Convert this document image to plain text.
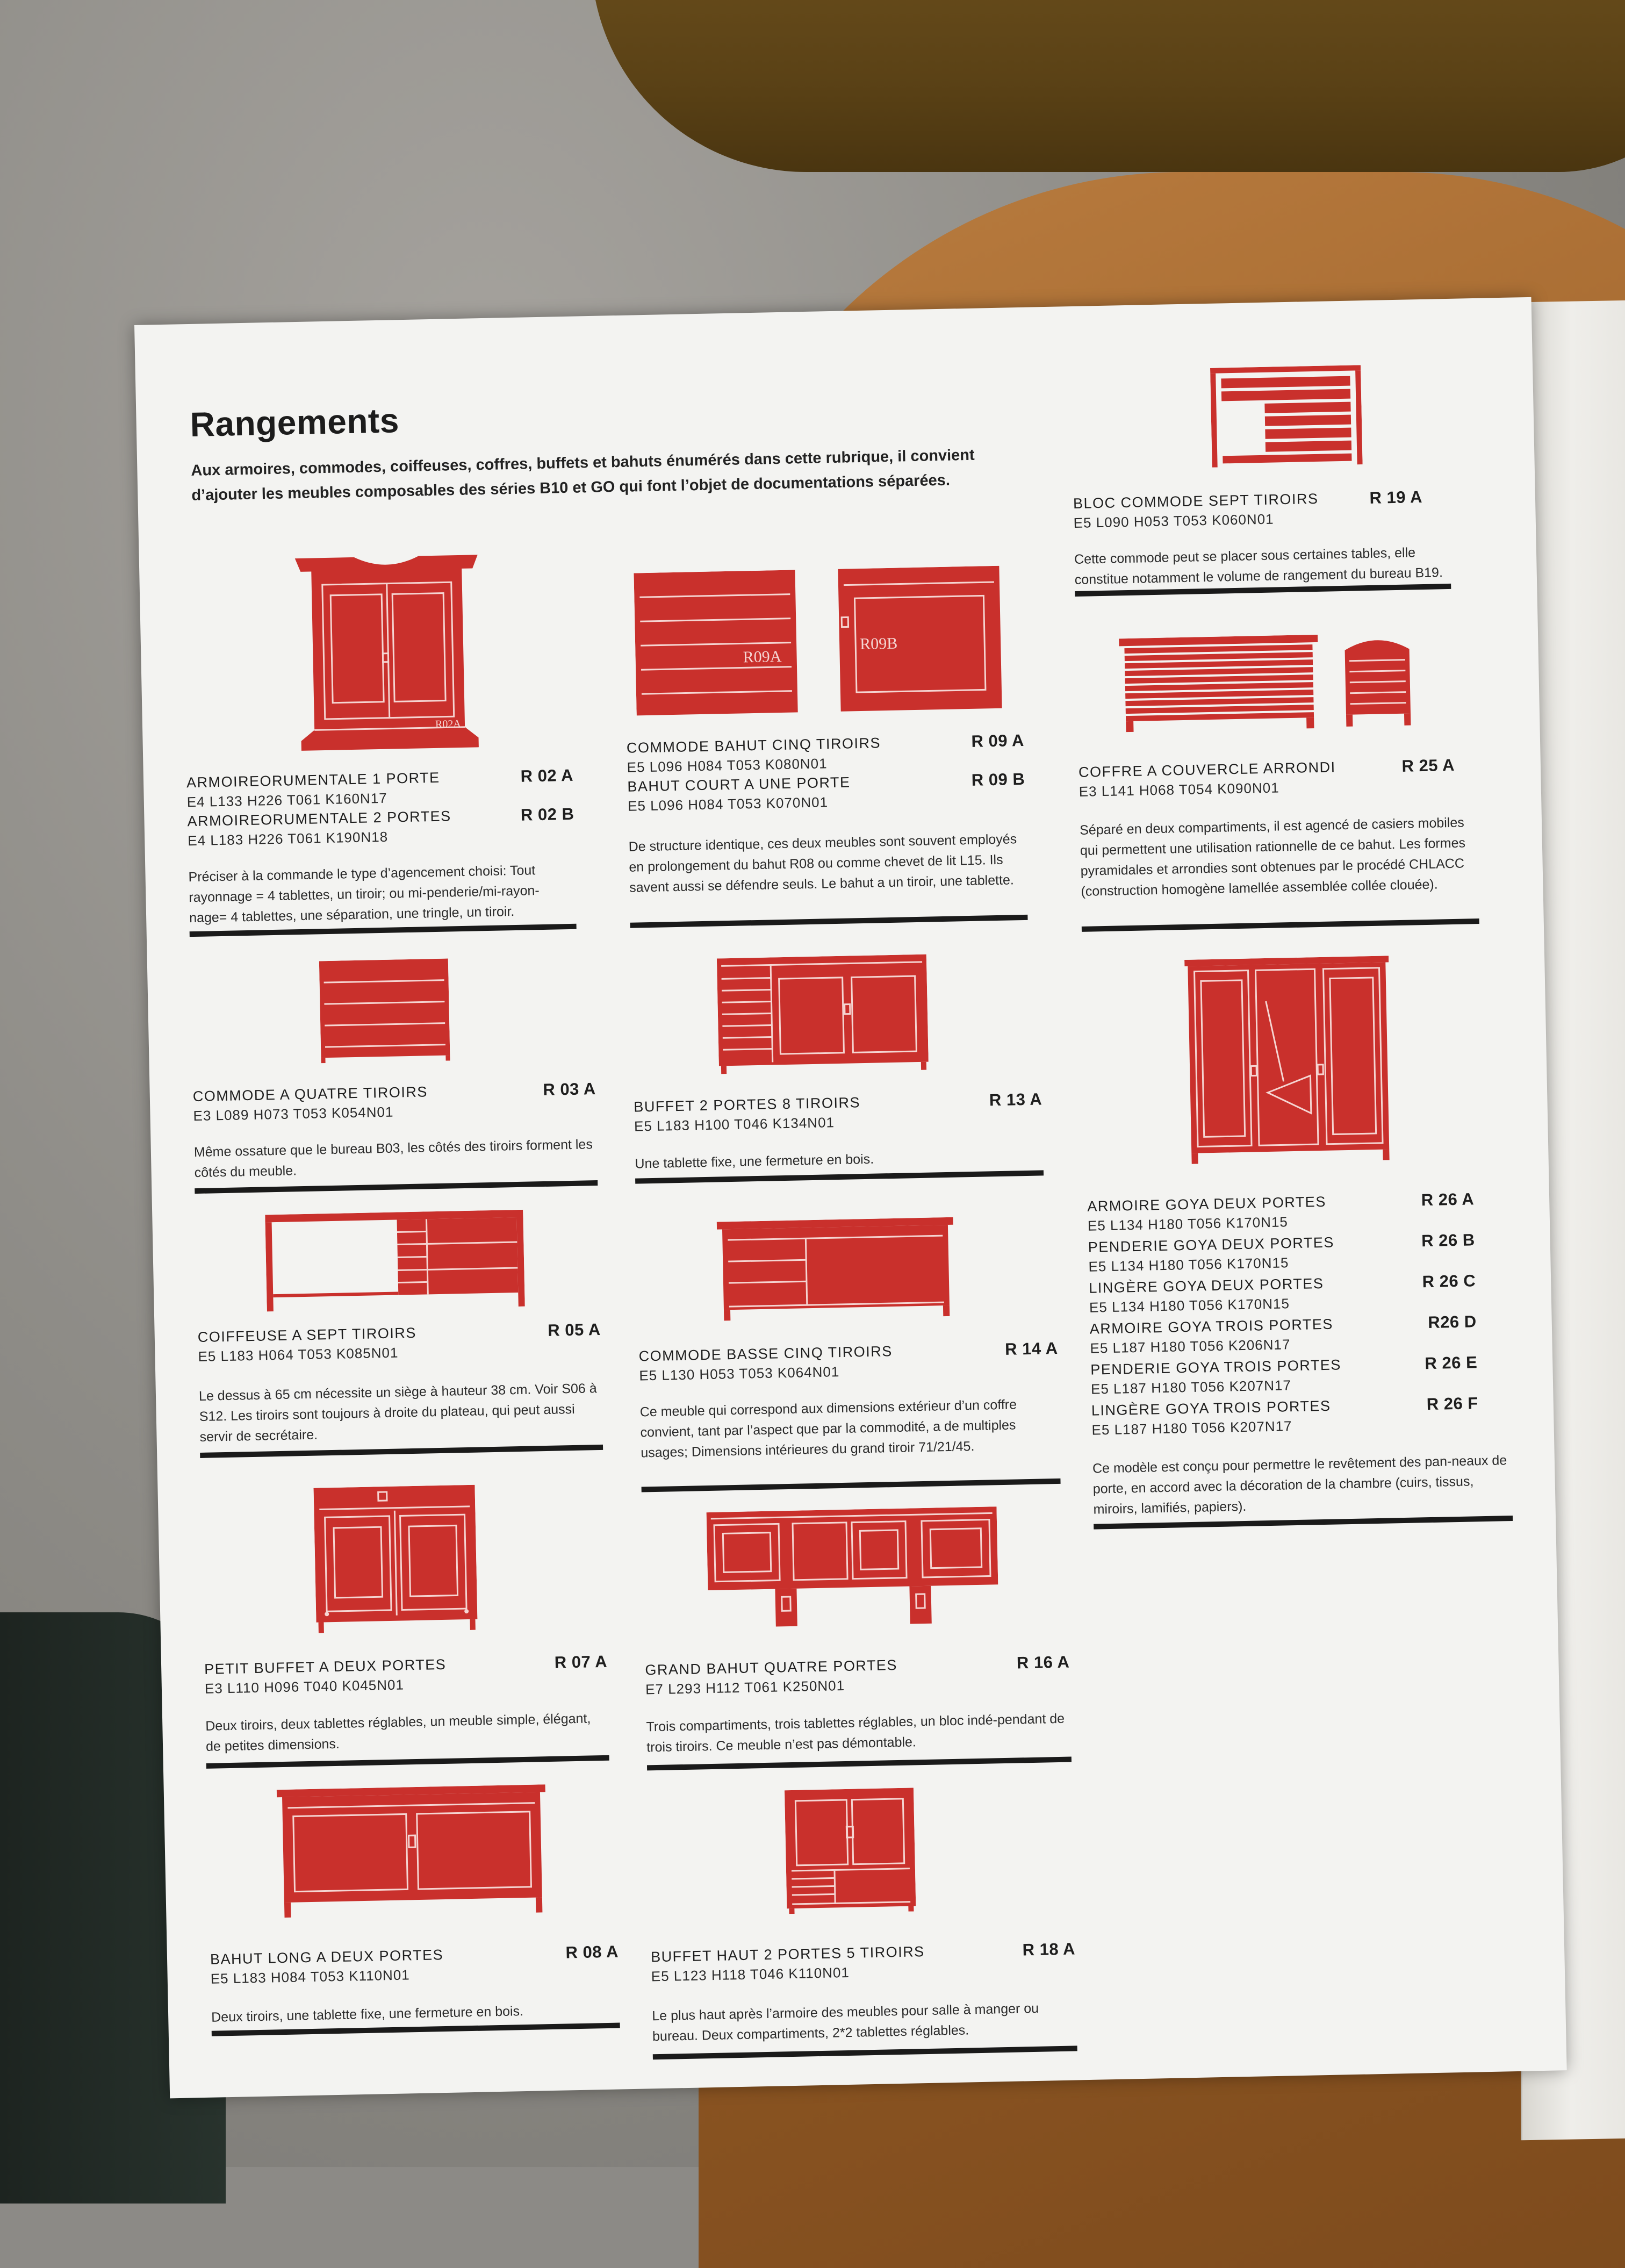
Rangements
Aux armoires, commodes, coiffeuses, coffres, buffets et bahuts énumérés dans cette rubrique, il convient d’ajouter les meubles composables des séries B10 et GO qui font l’objet de documentations séparées.
R02A
ARMOIREORUMENTALE 1 PORTE	R 02 A
E4 L133 H226 T061 K160N17
ARMOIREORUMENTALE 2 PORTES	R 02 B
E4 L183 H226 T061 K190N18
Préciser à la commande le type d’agencement choisi: Tout rayonnage = 4 tablettes, un tiroir; ou mi-penderie/mi-rayon-nage= 4 tablettes, une séparation, une tringle, un tiroir.
COMMODE A QUATRE TIROIRS	R 03 A
E3 L089 H073 T053 K054N01
Même ossature que le bureau B03, les côtés des tiroirs forment les côtés du meuble.
COIFFEUSE A SEPT TIROIRS	R 05 A
E5 L183 H064 T053 K085N01
Le dessus à 65 cm nécessite un siège à hauteur 38 cm. Voir S06 à S12. Les tiroirs sont toujours à droite du plateau, qui peut aussi servir de secrétaire.
PETIT BUFFET A DEUX PORTES	R 07 A
E3 L110 H096 T040 K045N01
Deux tiroirs, deux tablettes réglables, un meuble simple, élégant, de petites dimensions.
BAHUT LONG A DEUX PORTES	R 08 A
E5 L183 H084 T053 K110N01
Deux tiroirs, une tablette fixe, une fermeture en bois.
R09A
R09B
COMMODE BAHUT CINQ TIROIRS	R 09 A
E5 L096 H084 T053 K080N01
BAHUT COURT A UNE PORTE	R 09 B
E5 L096 H084 T053 K070N01
De structure identique, ces deux meubles sont souvent employés en prolongement du bahut R08 ou comme chevet de lit L15. Ils savent aussi se défendre seuls. Le bahut a un tiroir, une tablette.
BUFFET 2 PORTES 8 TIROIRS	R 13 A
E5 L183 H100 T046 K134N01
Une tablette fixe, une fermeture en bois.
COMMODE BASSE CINQ TIROIRS	R 14 A
E5 L130 H053 T053 K064N01
Ce meuble qui correspond aux dimensions extérieur d’un coffre convient, tant par l’aspect que par la commodité, a de multiples usages; Dimensions intérieures du grand tiroir 71/21/45.
GRAND BAHUT QUATRE PORTES	R 16 A
E7 L293 H112 T061 K250N01
Trois compartiments, trois tablettes réglables, un bloc indé-pendant de trois tiroirs. Ce meuble n’est pas démontable.
BUFFET HAUT 2 PORTES 5 TIROIRS	R 18 A
E5 L123 H118 T046 K110N01
Le plus haut après l’armoire des meubles pour salle à manger ou bureau. Deux compartiments, 2*2 tablettes réglables.
BLOC COMMODE SEPT TIROIRS	R 19 A
E5 L090 H053 T053 K060N01
Cette commode peut se placer sous certaines tables, elle constitue notamment le volume de rangement du bureau B19.
COFFRE A COUVERCLE ARRONDI	R 25 A
E3 L141 H068 T054 K090N01
Séparé en deux compartiments, il est agencé de casiers mobiles qui permettent une utilisation rationnelle de ce bahut. Les formes pyramidales et arrondies sont obtenues par le procédé CHLACC (construction homogène lamellée assemblée collée clouée).
ARMOIRE GOYA DEUX PORTES	R 26 A
E5 L134 H180 T056 K170N15
PENDERIE GOYA DEUX PORTES	R 26 B
E5 L134 H180 T056 K170N15
LINGÈRE GOYA DEUX PORTES	R 26 C
E5 L134 H180 T056 K170N15
ARMOIRE GOYA TROIS PORTES	R26 D
E5 L187 H180 T056 K206N17
PENDERIE GOYA TROIS PORTES	R 26 E
E5 L187 H180 T056 K207N17
LINGÈRE GOYA TROIS PORTES	R 26 F
E5 L187 H180 T056 K207N17
Ce modèle est conçu pour permettre le revêtement des pan-neaux de porte, en accord avec la décoration de la chambre (cuirs, tissus, miroirs, lamifiés, papiers).
